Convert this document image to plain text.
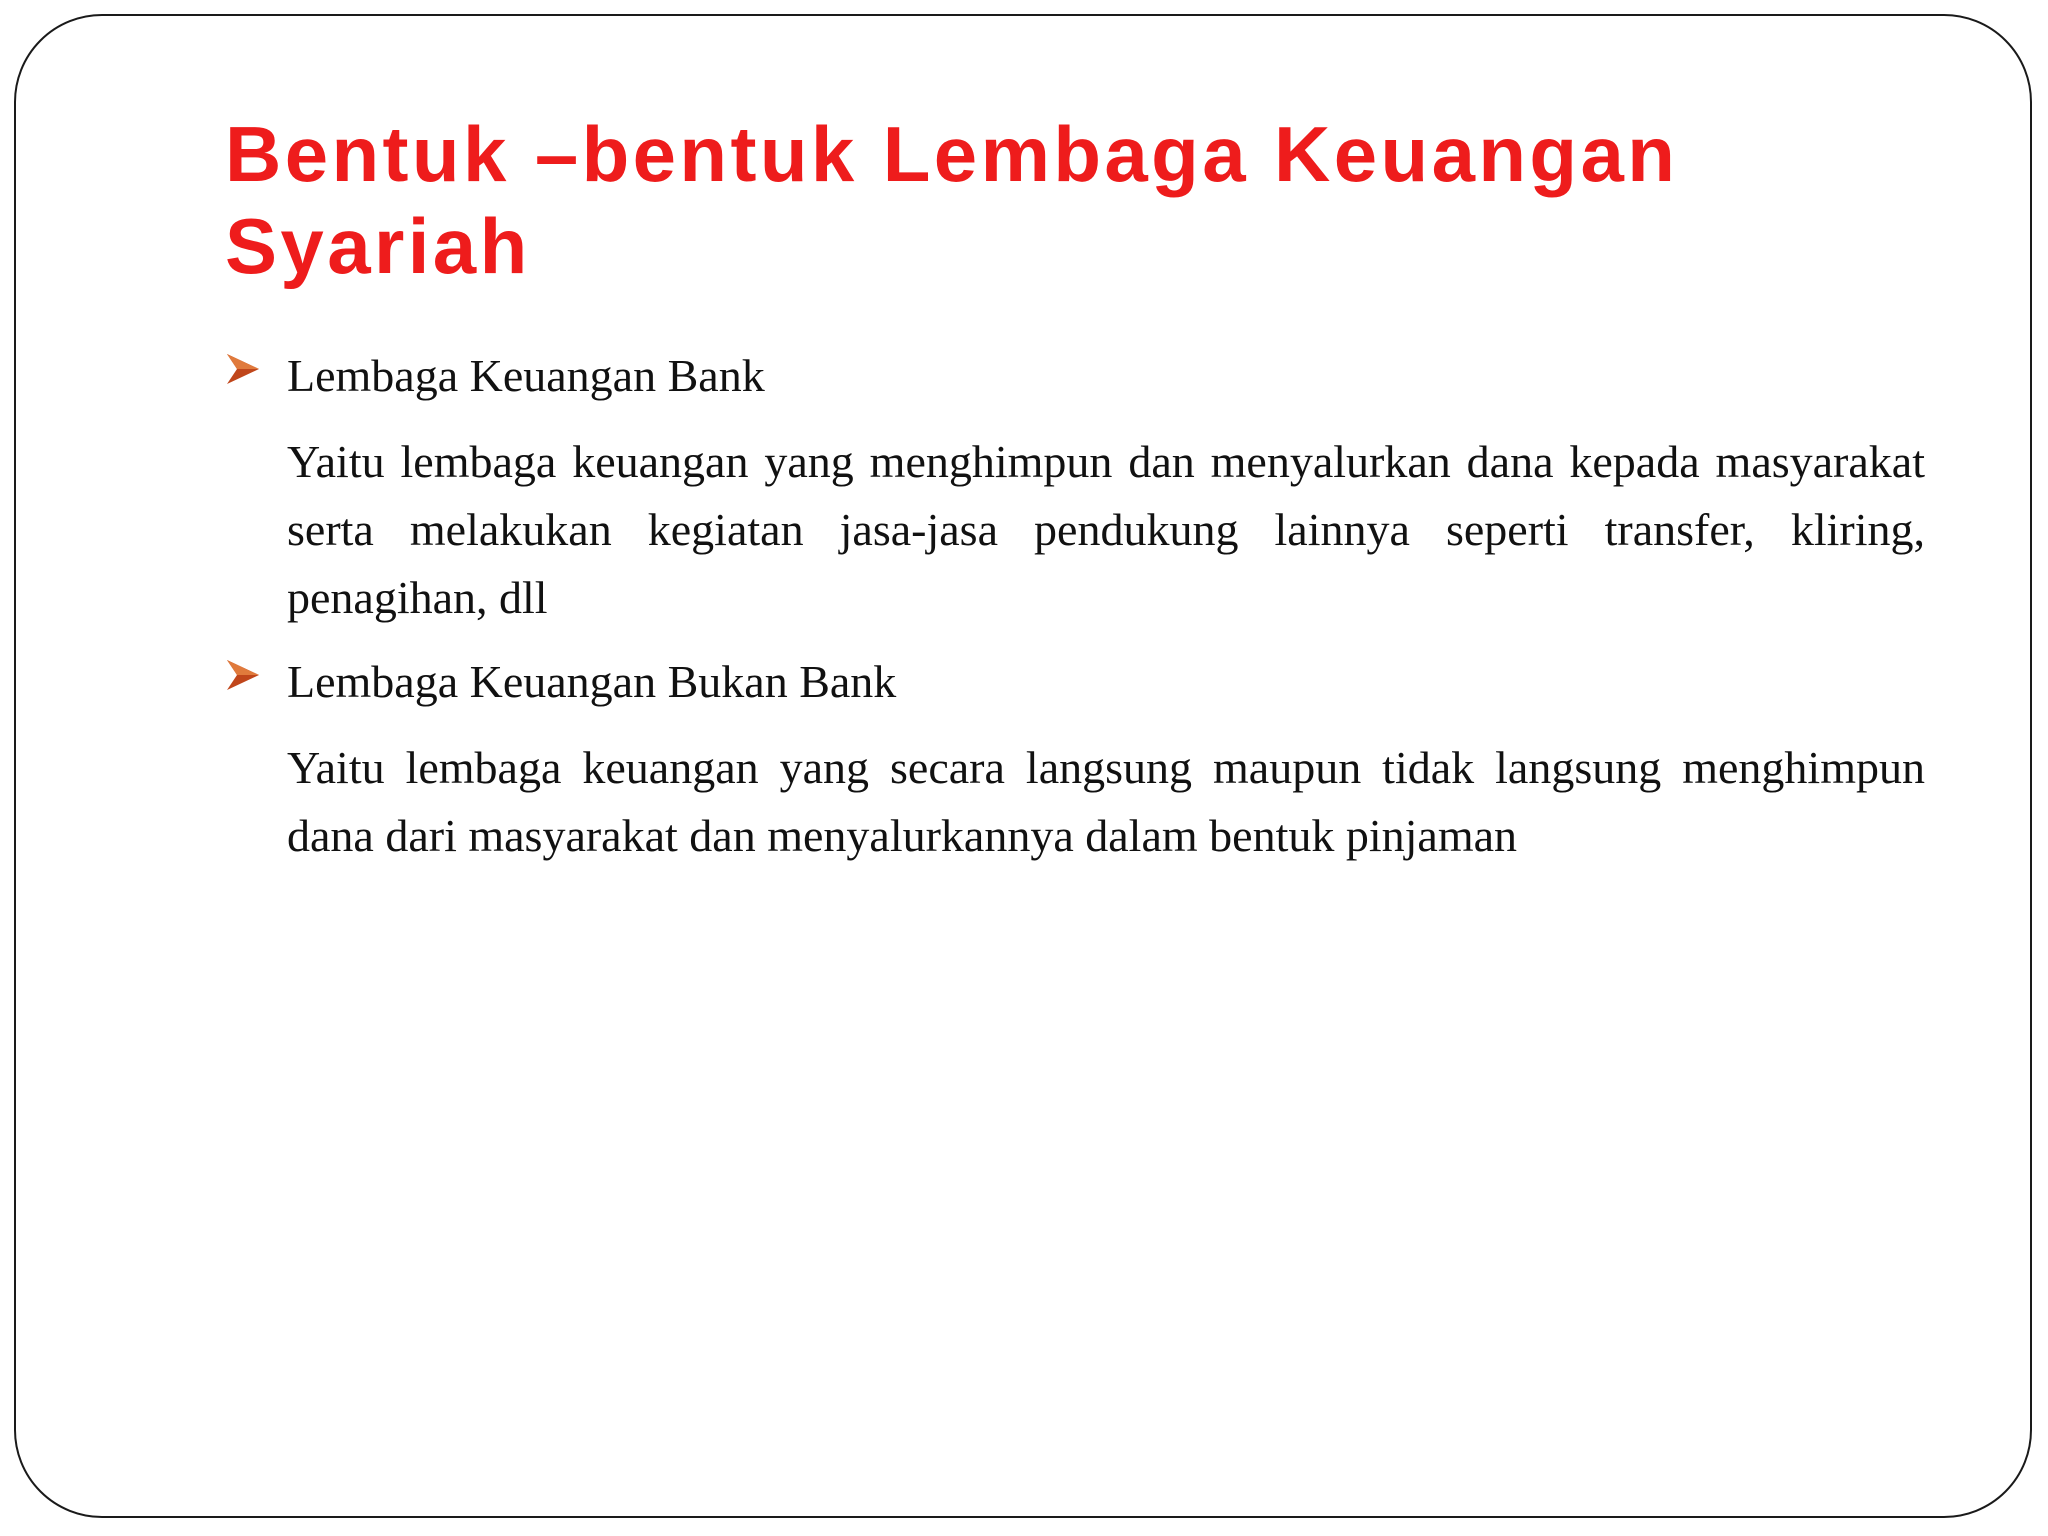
Bentuk –bentuk Lembaga Keuangan Syariah
Lembaga Keuangan Bank

Yaitu lembaga keuangan yang menghimpun dan menyalurkan dana kepada masyarakat serta melakukan kegiatan jasa-jasa pendukung lainnya seperti transfer, kliring, penagihan, dll

Lembaga Keuangan Bukan Bank

Yaitu lembaga keuangan yang secara langsung maupun tidak langsung menghimpun dana dari masyarakat dan menyalurkannya dalam bentuk pinjaman
